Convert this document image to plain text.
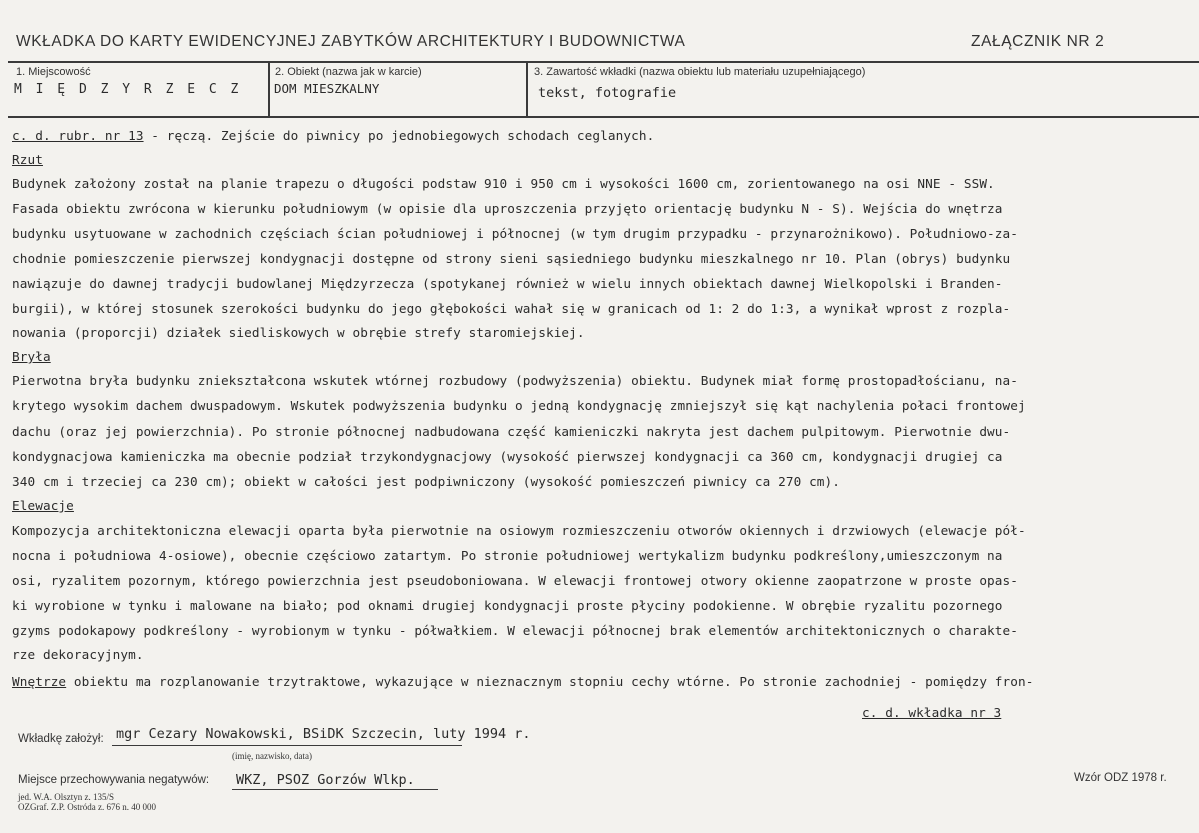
WKŁADKA DO KARTY EWIDENCYJNEJ ZABYTKÓW ARCHITEKTURY I BUDOWNICTWA	ZAŁĄCZNIK NR 2
1. Miejscowość
M I Ę D Z Y R Z E C Z
2. Obiekt (nazwa jak w karcie)
DOM MIESZKALNY
3. Zawartość wkładki (nazwa obiektu lub materiału uzupełniającego)
tekst, fotografie
c. d. rubr. nr 13 - ręczą. Zejście do piwnicy po jednobiegowych schodach ceglanych.
Rzut
Budynek założony został na planie trapezu o długości podstaw 910 i 950 cm i wysokości 1600 cm, zorientowanego na osi NNE - SSW.
Fasada obiektu zwrócona w kierunku południowym (w opisie dla uproszczenia przyjęto orientację budynku N - S). Wejścia do wnętrza
budynku usytuowane w zachodnich częściach ścian południowej i północnej (w tym drugim przypadku - przynarożnikowo). Południowo-za-
chodnie pomieszczenie pierwszej kondygnacji dostępne od strony sieni sąsiedniego budynku mieszkalnego nr 10. Plan (obrys) budynku
nawiązuje do dawnej tradycji budowlanej Międzyrzecza (spotykanej również w wielu innych obiektach dawnej Wielkopolski i Branden-
burgii), w której stosunek szerokości budynku do jego głębokości wahał się w granicach od 1: 2 do 1:3, a wynikał wprost z rozpla-
nowania (proporcji) działek siedliskowych w obrębie strefy staromiejskiej.
Bryła
Pierwotna bryła budynku zniekształcona wskutek wtórnej rozbudowy (podwyższenia) obiektu. Budynek miał formę prostopadłościanu, na-
krytego wysokim dachem dwuspadowym. Wskutek podwyższenia budynku o jedną kondygnację zmniejszył się kąt nachylenia połaci frontowej
dachu (oraz jej powierzchnia). Po stronie północnej nadbudowana część kamieniczki nakryta jest dachem pulpitowym. Pierwotnie dwu-
kondygnacjowa kamieniczka ma obecnie podział trzykondygnacjowy (wysokość pierwszej kondygnacji ca 360 cm, kondygnacji drugiej ca
340 cm i trzeciej ca 230 cm); obiekt w całości jest podpiwniczony (wysokość pomieszczeń piwnicy ca 270 cm).
Elewacje
Kompozycja architektoniczna elewacji oparta była pierwotnie na osiowym rozmieszczeniu otworów okiennych i drzwiowych (elewacje pół-
nocna i południowa 4-osiowe), obecnie częściowo zatartym. Po stronie południowej wertykalizm budynku podkreślony,umieszczonym na
osi, ryzalitem pozornym, którego powierzchnia jest pseudoboniowana. W elewacji frontowej otwory okienne zaopatrzone w proste opas-
ki wyrobione w tynku i malowane na biało; pod oknami drugiej kondygnacji proste płyciny podokienne. W obrębie ryzalitu pozornego
gzyms podokapowy podkreślony - wyrobionym w tynku - półwałkiem. W elewacji północnej brak elementów architektonicznych o charakte-
rze dekoracyjnym.
Wnętrze obiektu ma rozplanowanie trzytraktowe, wykazujące w nieznacznym stopniu cechy wtórne. Po stronie zachodniej - pomiędzy fron-
c. d. wkładka nr 3
Wkładkę założył: mgr Cezary Nowakowski, BSiDK Szczecin, luty 1994 r.
(imię, nazwisko, data)
Miejsce przechowywania negatywów: WKZ, PSOZ Gorzów Wlkp.	Wzór ODZ 1978 r.
jed. W.A. Olsztyn z. 135/S
OZGraf. Z.P. Ostróda z. 676 n. 40 000
